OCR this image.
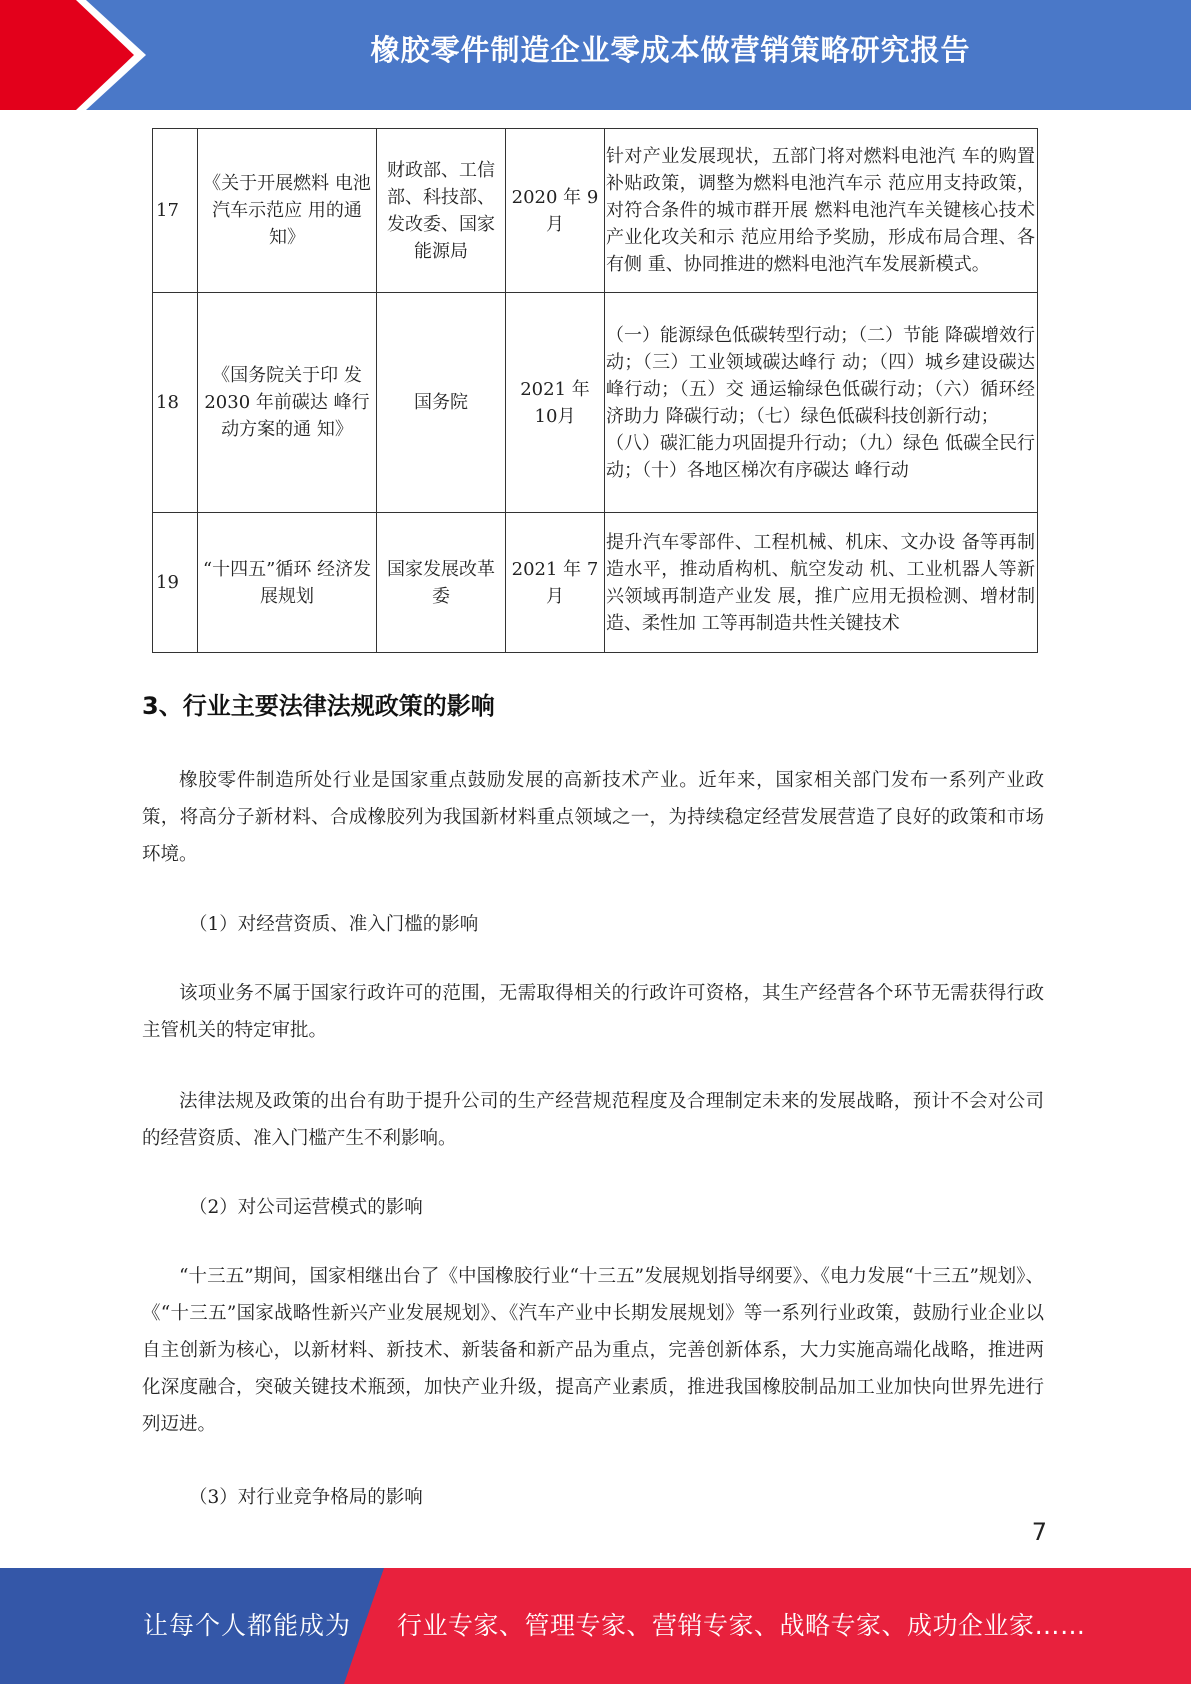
橡胶零件制造企业零成本做营销策略研究报告
17	《关于开展燃料 电池汽车示范应 用的通知》	财政部、工信部、科技部、发改委、国家能源局	2020 年 9月	针对产业发展现状，五部门将对燃料电池汽 车的购置补贴政策，调整为燃料电池汽车示 范应用支持政策，对符合条件的城市群开展 燃料电池汽车关键核心技术产业化攻关和示 范应用给予奖励，形成布局合理、各有侧 重、协同推进的燃料电池汽车发展新模式。
18	《国务院关于印 发2030 年前碳达 峰行动方案的通 知》	国务院	2021 年 10月	（一）能源绿色低碳转型行动；（二）节能 降碳增效行动；（三）工业领域碳达峰行 动；（四）城乡建设碳达峰行动；（五）交 通运输绿色低碳行动；（六）循环经济助力 降碳行动；（七）绿色低碳科技创新行动；
（八）碳汇能力巩固提升行动；（九）绿色 低碳全民行动；（十）各地区梯次有序碳达 峰行动

19	“十四五”循环 经济发展规划	国家发展改革委	2021 年 7月	提升汽车零部件、工程机械、机床、文办设 备等再制造水平，推动盾构机、航空发动 机、工业机器人等新兴领域再制造产业发 展，推广应用无损检测、增材制造、柔性加 工等再制造共性关键技术
3、行业主要法律法规政策的影响

橡胶零件制造所处行业是国家重点鼓励发展的高新技术产业。近年来，国家相关部门发布一系列产业政策，将高分子新材料、合成橡胶列为我国新材料重点领域之一，为持续稳定经营发展营造了良好的政策和市场环境。

（1）对经营资质、准入门槛的影响

该项业务不属于国家行政许可的范围，无需取得相关的行政许可资格，其生产经营各个环节无需获得行政主管机关的特定审批。

法律法规及政策的出台有助于提升公司的生产经营规范程度及合理制定未来的发展战略，预计不会对公司的经营资质、准入门槛产生不利影响。

（2）对公司运营模式的影响

“十三五”期间，国家相继出台了《中国橡胶行业“十三五”发展规划指导纲要》、《电力发展“十三五”规划》、《“十三五”国家战略性新兴产业发展规划》、《汽车产业中长期发展规划》等一系列行业政策，鼓励行业企业以自主创新为核心，以新材料、新技术、新装备和新产品为重点，完善创新体系，大力实施高端化战略，推进两化深度融合，突破关键技术瓶颈，加快产业升级，提高产业素质，推进我国橡胶制品加工业加快向世界先进行列迈进。

（3）对行业竞争格局的影响
7
让每个人都能成为 行业专家、管理专家、营销专家、战略专家、成功企业家……
